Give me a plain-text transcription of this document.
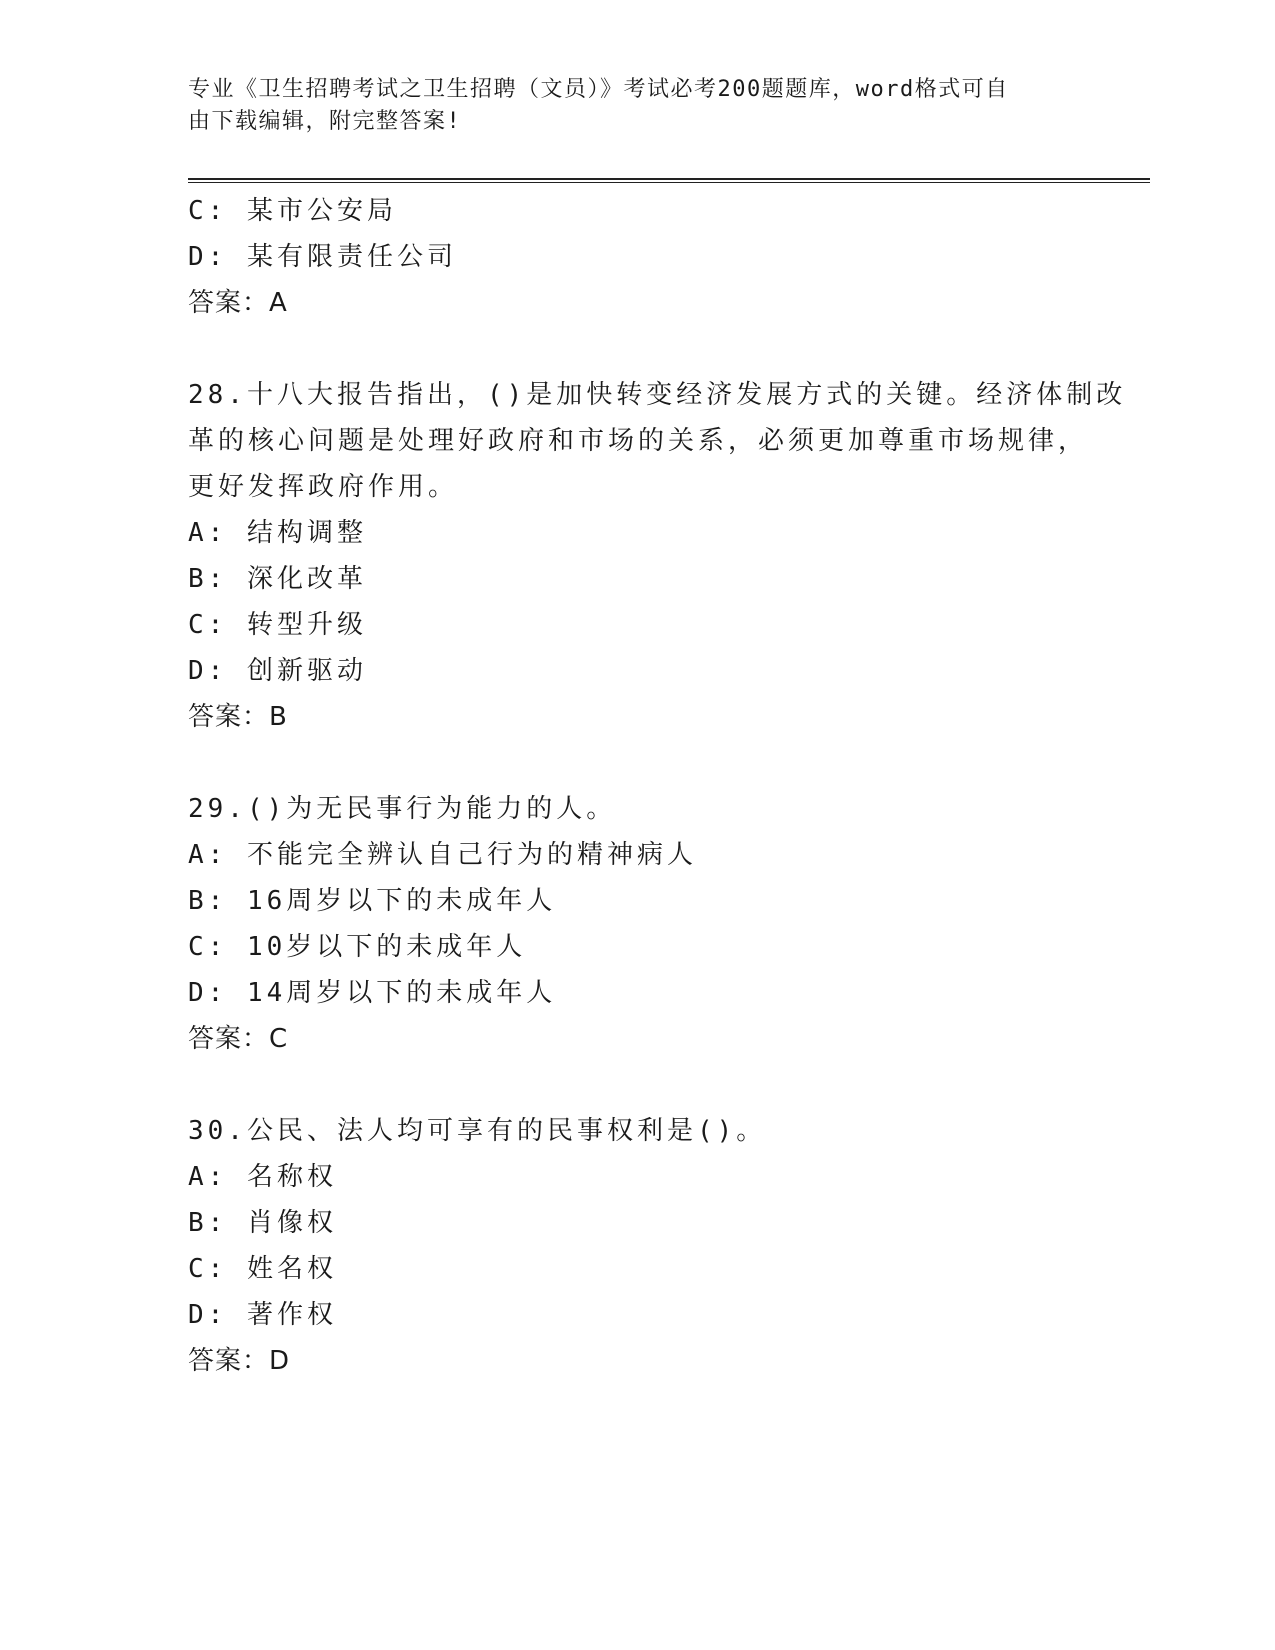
专业《卫生招聘考试之卫生招聘（文员）》考试必考200题题库，word格式可自
由下载编辑，附完整答案!
C: 某市公安局
D: 某有限责任公司
答案：A
28.十八大报告指出，()是加快转变经济发展方式的关键。经济体制改
革的核心问题是处理好政府和市场的关系，必须更加尊重市场规律，
更好发挥政府作用。
A: 结构调整
B: 深化改革
C: 转型升级
D: 创新驱动
答案：B
29.()为无民事行为能力的人。
A: 不能完全辨认自己行为的精神病人
B: 16周岁以下的未成年人
C: 10岁以下的未成年人
D: 14周岁以下的未成年人
答案：C
30.公民、法人均可享有的民事权利是()。
A: 名称权
B: 肖像权
C: 姓名权
D: 著作权
答案：D
